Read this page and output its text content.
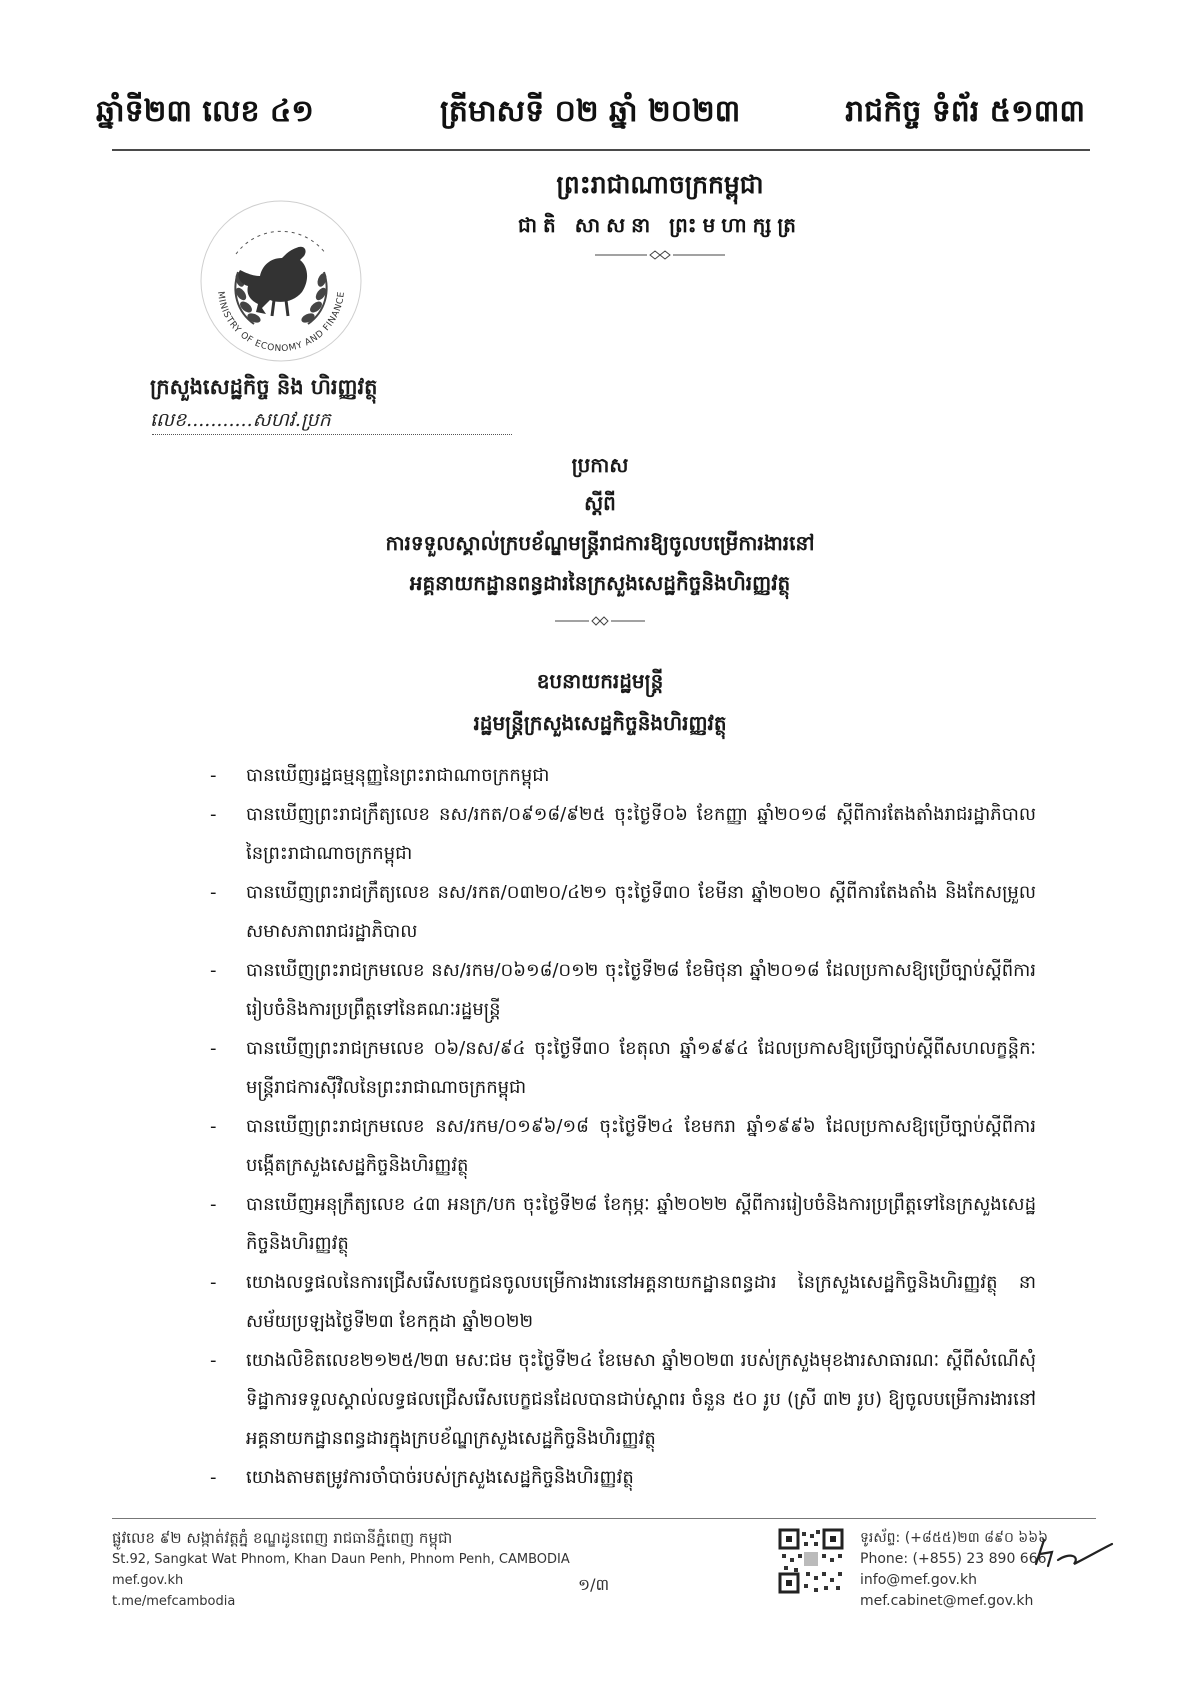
ឆ្នាំទី២៣ លេខ ៤១	ត្រីមាសទី ០២ ឆ្នាំ ២០២៣	រាជកិច្ច ទំព័រ ៥១៣៣
ព្រះរាជាណាចក្រកម្ពុជា
ជាតិ សាសនា ព្រះមហាក្សត្រ
MINISTRY OF ECONOMY AND FINANCE
ក្រសួងសេដ្ឋកិច្ច និង ហិរញ្ញវត្ថុ
លេខ...........សហវ.ប្រក
ប្រកាស
ស្តីពី
ការទទួលស្គាល់ក្របខ័ណ្ឌមន្ត្រីរាជការឱ្យចូលបម្រើការងារនៅ
អគ្គនាយកដ្ឋានពន្ធដារនៃក្រសួងសេដ្ឋកិច្ចនិងហិរញ្ញវត្ថុ
ឧបនាយករដ្ឋមន្ត្រី
រដ្ឋមន្ត្រីក្រសួងសេដ្ឋកិច្ចនិងហិរញ្ញវត្ថុ
- បានឃើញរដ្ឋធម្មនុញ្ញនៃព្រះរាជាណាចក្រកម្ពុជា
- បានឃើញព្រះរាជក្រឹត្យលេខ នស/រកត/០៩១៨/៩២៥ ចុះថ្ងៃទី០៦ ខែកញ្ញា ឆ្នាំ២០១៨ ស្តីពីការតែងតាំងរាជរដ្ឋាភិបាលនៃព្រះរាជាណាចក្រកម្ពុជា
- បានឃើញព្រះរាជក្រឹត្យលេខ នស/រកត/០៣២០/៤២១ ចុះថ្ងៃទី៣០ ខែមីនា ឆ្នាំ២០២០ ស្តីពីការតែងតាំង និងកែសម្រួលសមាសភាពរាជរដ្ឋាភិបាល
- បានឃើញព្រះរាជក្រមលេខ នស/រកម/០៦១៨/០១២ ចុះថ្ងៃទី២៨ ខែមិថុនា ឆ្នាំ២០១៨ ដែលប្រកាសឱ្យប្រើច្បាប់ស្តីពីការរៀបចំនិងការប្រព្រឹត្តទៅនៃគណៈរដ្ឋមន្ត្រី
- បានឃើញព្រះរាជក្រមលេខ ០៦/នស/៩៤ ចុះថ្ងៃទី៣០ ខែតុលា ឆ្នាំ១៩៩៤ ដែលប្រកាសឱ្យប្រើច្បាប់ស្តីពីសហលក្ខន្តិកៈមន្ត្រីរាជការស៊ីវិលនៃព្រះរាជាណាចក្រកម្ពុជា
- បានឃើញព្រះរាជក្រមលេខ នស/រកម/០១៩៦/១៨ ចុះថ្ងៃទី២៤ ខែមករា ឆ្នាំ១៩៩៦ ដែលប្រកាសឱ្យប្រើច្បាប់ស្តីពីការបង្កើតក្រសួងសេដ្ឋកិច្ចនិងហិរញ្ញវត្ថុ
- បានឃើញអនុក្រឹត្យលេខ ៤៣ អនក្រ/បក ចុះថ្ងៃទី២៨ ខែកុម្ភៈ ឆ្នាំ២០២២ ស្តីពីការរៀបចំនិងការប្រព្រឹត្តទៅនៃក្រសួងសេដ្ឋកិច្ចនិងហិរញ្ញវត្ថុ
- យោងលទ្ធផលនៃការជ្រើសរើសបេក្ខជនចូលបម្រើការងារនៅអគ្គនាយកដ្ឋានពន្ធដារ នៃក្រសួងសេដ្ឋកិច្ចនិងហិរញ្ញវត្ថុ នាសម័យប្រឡងថ្ងៃទី២៣ ខែកក្កដា ឆ្នាំ២០២២
- យោងលិខិតលេខ២១២៥/២៣ មសៈជម ចុះថ្ងៃទី២៤ ខែមេសា ឆ្នាំ២០២៣ របស់ក្រសួងមុខងារសាធារណៈ ស្តីពីសំណើសុំទិដ្ឋាការទទួលស្គាល់លទ្ធផលជ្រើសរើសបេក្ខជនដែលបានជាប់ស្ពាពរ ចំនួន ៥០ រូប (ស្រី ៣២ រូប) ឱ្យចូលបម្រើការងារនៅអគ្គនាយកដ្ឋានពន្ធដារក្នុងក្របខ័ណ្ឌក្រសួងសេដ្ឋកិច្ចនិងហិរញ្ញវត្ថុ
- យោងតាមតម្រូវការចាំបាច់របស់ក្រសួងសេដ្ឋកិច្ចនិងហិរញ្ញវត្ថុ
ផ្លូវលេខ ៩២ សង្កាត់វត្តភ្នំ ខណ្ឌដូនពេញ រាជធានីភ្នំពេញ កម្ពុជា
St.92, Sangkat Wat Phnom, Khan Daun Penh, Phnom Penh, CAMBODIA
mef.gov.kh
t.me/mefcambodia
១/៣
ទូរស័ព្ទ: (+៨៥៥)២៣ ៨៩០ ៦៦៦
Phone: (+855) 23 890 666
info@mef.gov.kh
mef.cabinet@mef.gov.kh
